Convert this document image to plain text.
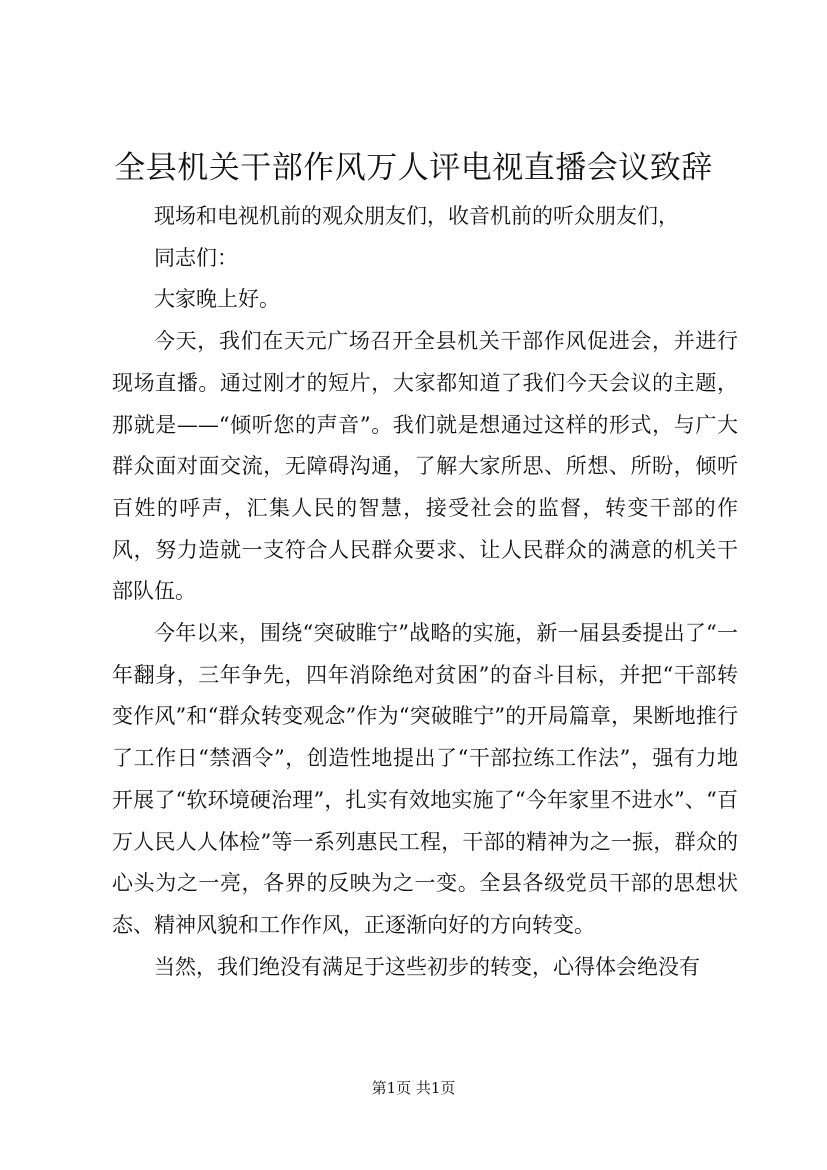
全县机关干部作风万人评电视直播会议致辞

现场和电视机前的观众朋友们，收音机前的听众朋友们，

同志们：

大家晚上好。

今天，我们在天元广场召开全县机关干部作风促进会，并进行现场直播。通过刚才的短片，大家都知道了我们今天会议的主题，那就是——“倾听您的声音”。我们就是想通过这样的形式，与广大群众面对面交流，无障碍沟通，了解大家所思、所想、所盼，倾听百姓的呼声，汇集人民的智慧，接受社会的监督，转变干部的作风，努力造就一支符合人民群众要求、让人民群众的满意的机关干部队伍。

今年以来，围绕“突破睢宁”战略的实施，新一届县委提出了“一年翻身，三年争先，四年消除绝对贫困”的奋斗目标，并把“干部转变作风”和“群众转变观念”作为“突破睢宁”的开局篇章，果断地推行了工作日“禁酒令”，创造性地提出了“干部拉练工作法”，强有力地开展了“软环境硬治理”，扎实有效地实施了“今年家里不进水”、“百万人民人人体检”等一系列惠民工程，干部的精神为之一振，群众的心头为之一亮，各界的反映为之一变。全县各级党员干部的思想状态、精神风貌和工作作风，正逐渐向好的方向转变。

当然，我们绝没有满足于这些初步的转变，心得体会绝没有

第1页 共1页
